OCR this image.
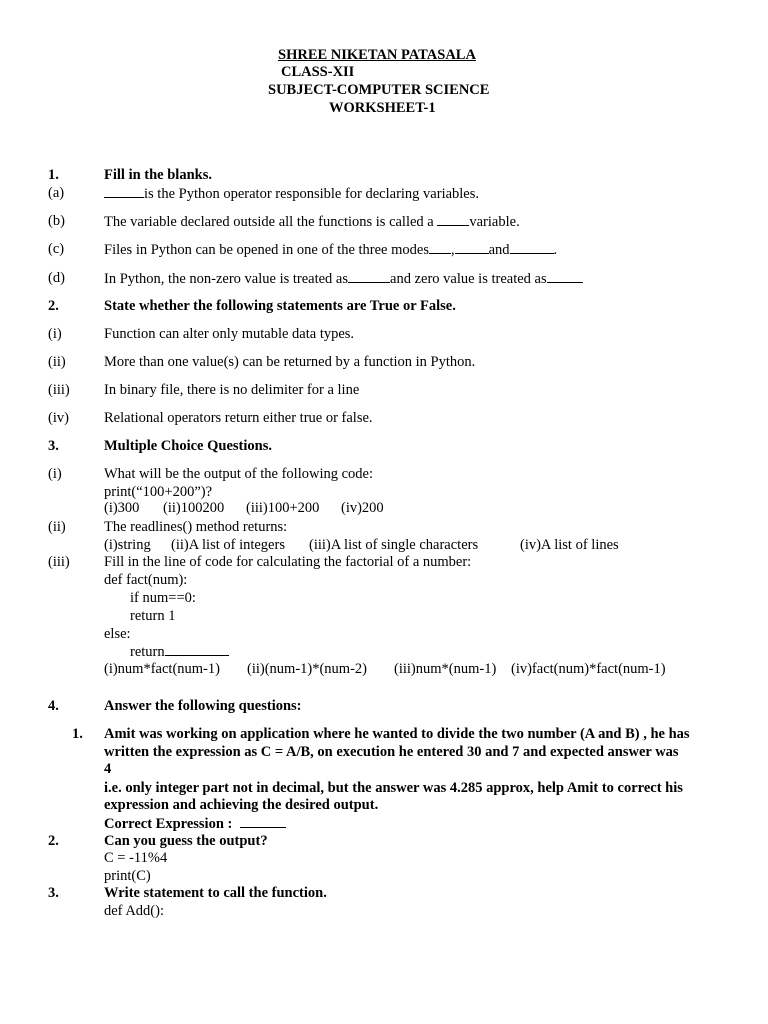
SHREE NIKETAN PATASALA
CLASS-XII
SUBJECT-COMPUTER SCIENCE
WORKSHEET-1
1.	Fill in the blanks.
(a)	is the Python operator responsible for declaring variables.
(b)	The variable declared outside all the functions is called a variable.
(c)	Files in Python can be opened in one of the three modes , and	.
(d)	In Python, the non-zero value is treated as	and zero value is treated as
2.	State whether the following statements are True or False.
(i)	Function can alter only mutable data types.
(ii)	More than one value(s) can be returned by a function in Python.
(iii) In binary file, there is no delimiter for a line
(iv) Relational operators return either true or false.
3.	Multiple Choice Questions.
(i)	What will be the output of the following code:
print(“100+200”)?
(i)300 (ii)100200 (iii)100+200 (iv)200
(ii)	The readlines() method returns:
(i)string (ii)A list of integers (iii)A list of single characters	(iv)A list of lines
(iii) Fill in the line of code for calculating the factorial of a number:
def fact(num):
if num==0:
return 1
else:
return
(i)num*fact(num-1) (ii)(num-1)*(num-2) (iii)num*(num-1) (iv)fact(num)*fact(num-1)
4.	Answer the following questions:
1. Amit was working on application where he wanted to divide the two number (A and B) , he has
written the expression as C = A/B, on execution he entered 30 and 7 and expected answer was
4
i.e. only integer part not in decimal, but the answer was 4.285 approx, help Amit to correct his
expression and achieving the desired output.
Correct Expression :
2.	Can you guess the output?
C = -11%4
print(C)
3.	Write statement to call the function.
def Add():
